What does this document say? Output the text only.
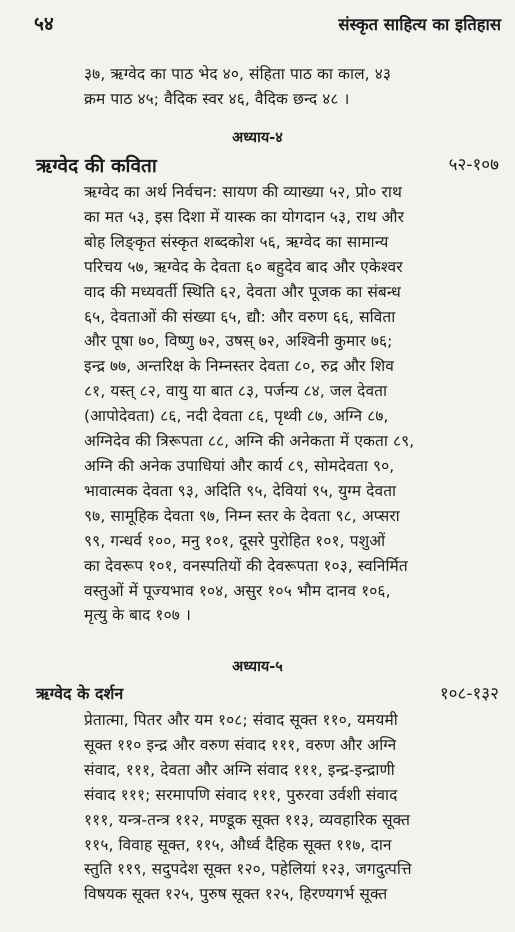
५४	संस्कृत साहित्य का इतिहास
३७, ऋग्वेद का पाठ भेद ४०, संहिता पाठ का काल, ४३
क्रम पाठ ४५; वैदिक स्वर ४६, वैदिक छन्द ४८ ।
अध्याय-४
ऋग्वेद की कविता	५२-१०७
ऋग्वेद का अर्थ निर्वचन: सायण की व्याख्या ५२, प्रो० राथ
का मत ५३, इस दिशा में यास्क का योगदान ५३, राथ और
बोह लिङ्कृत संस्कृत शब्दकोश ५६, ऋग्वेद का सामान्य
परिचय ५७, ऋग्वेद के देवता ६० बहुदेव बाद और एकेश्वर
वाद की मध्यवर्ती स्थिति ६२, देवता और पूजक का संबन्ध
६५, देवताओं की संख्या ६५, द्यौ: और वरुण ६६, सविता
और पूषा ७०, विष्णु ७२, उषस् ७२, अश्विनी कुमार ७६;
इन्द्र ७७, अन्तरिक्ष के निम्नस्तर देवता ८०, रुद्र और शिव
८१, यस्त् ८२, वायु या बात ८३, पर्जन्य ८४, जल देवता
(आपोदेवता) ८६, नदी देवता ८६, पृथ्वी ८७, अग्नि ८७,
अग्निदेव की त्रिरूपता ८८, अग्नि की अनेकता में एकता ८९,
अग्नि की अनेक उपाधियां और कार्य ८९, सोमदेवता ९०,
भावात्मक देवता ९३, अदिति ९५, देवियां ९५, युग्म देवता
९७, सामूहिक देवता ९७, निम्न स्तर के देवता ९८, अप्सरा
९९, गन्धर्व १००, मनु १०१, दूसरे पुरोहित १०१, पशुओं
का देवरूप १०१, वनस्पतियों की देवरूपता १०३, स्वनिर्मित
वस्तुओं में पूज्यभाव १०४, असुर १०५ भौम दानव १०६,
मृत्यु के बाद १०७ ।
अध्याय-५
ऋग्वेद के दर्शन	१०८-१३२
प्रेतात्मा, पितर और यम १०८; संवाद सूक्त ११०, यमयमी
सूक्त ११० इन्द्र और वरुण संवाद १११, वरुण और अग्नि
संवाद, १११, देवता और अग्नि संवाद १११, इन्द्र-इन्द्राणी
संवाद १११; सरमापणि संवाद १११, पुरुरवा उर्वशी संवाद
१११, यन्त्र-तन्त्र ११२, मण्डूक सूक्त ११३, व्यवहारिक सूक्त
११५, विवाह सूक्त, ११५, और्ध्व दैहिक सूक्त ११७, दान
स्तुति ११९, सदुपदेश सूक्त १२०, पहेलियां १२३, जगदुत्पत्ति
विषयक सूक्त १२५, पुरुष सूक्त १२५, हिरण्यगर्भ सूक्त
